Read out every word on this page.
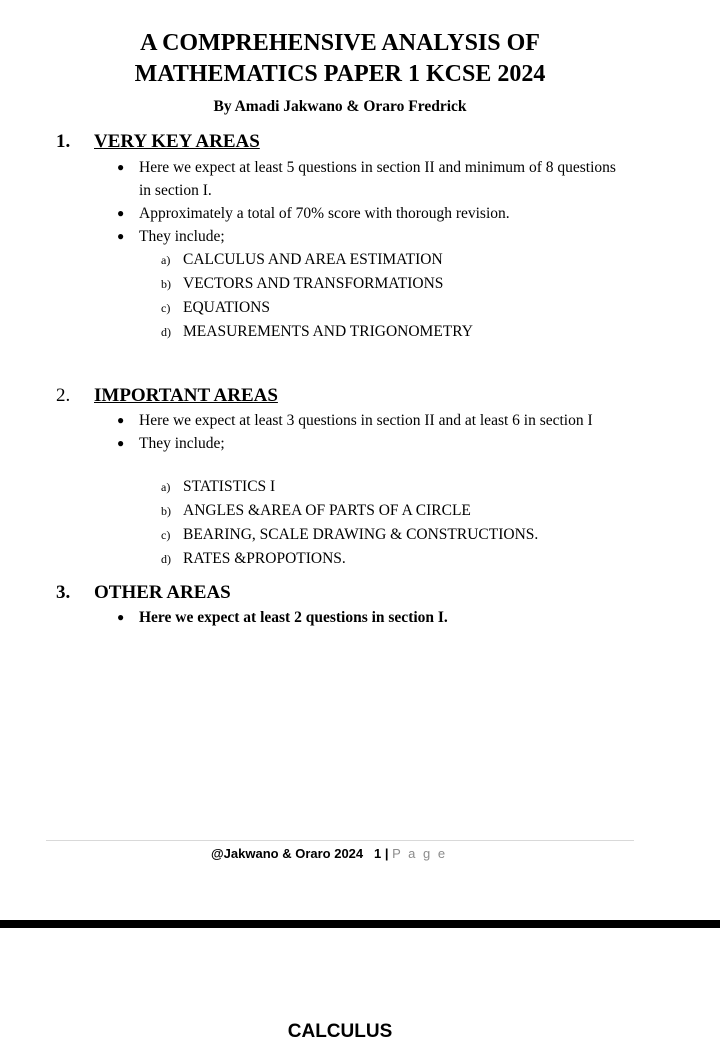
A COMPREHENSIVE ANALYSIS OF
MATHEMATICS PAPER 1 KCSE 2024
By Amadi Jakwano & Oraro Fredrick
1. VERY KEY AREAS
● Here we expect at least 5 questions in section II and minimum of 8 questions in section I.
● Approximately a total of 70% score with thorough revision.
● They include;
a) CALCULUS AND AREA ESTIMATION
b) VECTORS AND TRANSFORMATIONS
c) EQUATIONS
d) MEASUREMENTS AND TRIGONOMETRY
2. IMPORTANT AREAS
● Here we expect at least 3 questions in section II and at least 6 in section I
● They include;
a) STATISTICS I
b) ANGLES &AREA OF PARTS OF A CIRCLE
c) BEARING, SCALE DRAWING & CONSTRUCTIONS.
d) RATES &PROPOTIONS.
3. OTHER AREAS
● Here we expect at least 2 questions in section I.
@Jakwano & Oraro 2024 1 | P a g e
CALCULUS
